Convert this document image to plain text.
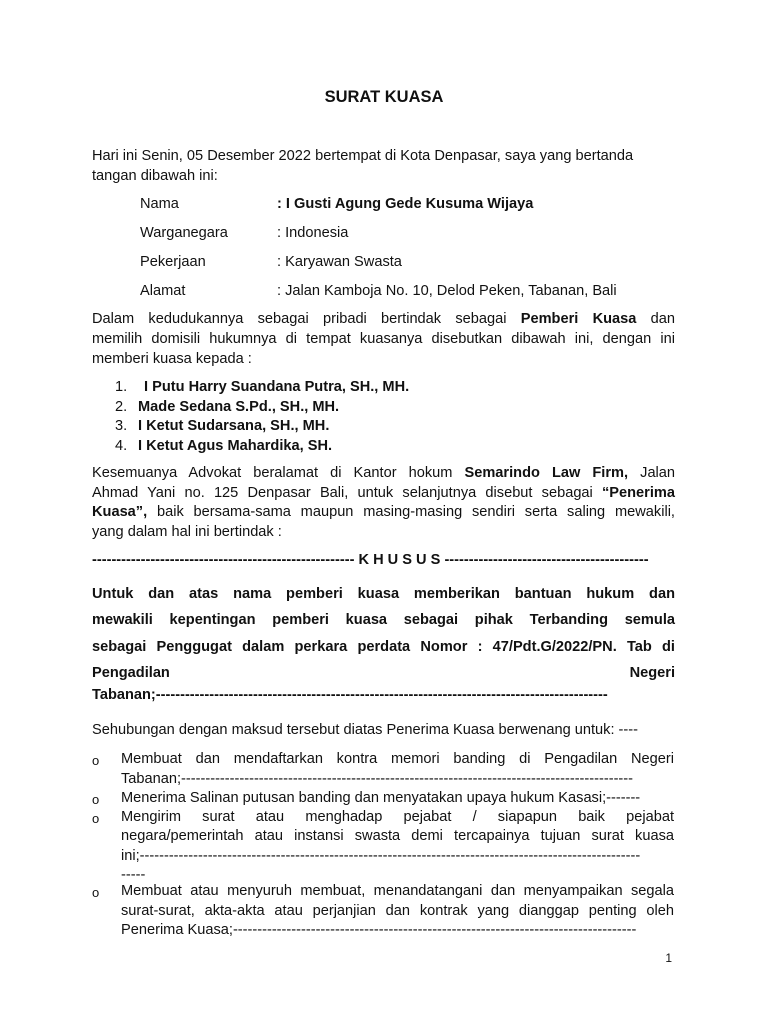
SURAT KUASA
Hari ini Senin, 05 Desember 2022 bertempat di Kota Denpasar, saya yang bertanda
tangan dibawah ini:
Nama	: I Gusti Agung Gede Kusuma Wijaya
Warganegara	: Indonesia
Pekerjaan	: Karyawan Swasta
Alamat	: Jalan Kamboja No. 10, Delod Peken, Tabanan, Bali
Dalam kedudukannya sebagai pribadi bertindak sebagai Pemberi Kuasa dan
memilih domisili hukumnya di tempat kuasanya disebutkan dibawah ini, dengan ini
memberi kuasa kepada :
1. I Putu Harry Suandana Putra, SH., MH.
2. Made Sedana S.Pd., SH., MH.
3. I Ketut Sudarsana, SH., MH.
4. I Ketut Agus Mahardika, SH.
Kesemuanya Advokat beralamat di Kantor hokum Semarindo Law Firm, Jalan
Ahmad Yani no. 125 Denpasar Bali, untuk selanjutnya disebut sebagai “Penerima
Kuasa”, baik bersama-sama maupun masing-masing sendiri serta saling mewakili,
yang dalam hal ini bertindak :
------------------------------------------------------ K H U S U S ------------------------------------------
Untuk dan atas nama pemberi kuasa memberikan bantuan hukum dan
mewakili kepentingan pemberi kuasa sebagai pihak Terbanding semula
sebagai Penggugat dalam perkara perdata Nomor : 47/Pdt.G/2022/PN. Tab di
Pengadilan Negeri
Tabanan;---------------------------------------------------------------------------------------------
Sehubungan dengan maksud tersebut diatas Penerima Kuasa berwenang untuk: ----
o Membuat dan mendaftarkan kontra memori banding di Pengadilan Negeri
Tabanan;---------------------------------------------------------------------------------------------
o Menerima Salinan putusan banding dan menyatakan upaya hukum Kasasi;-------
o Mengirim surat atau menghadap pejabat / siapapun baik pejabat
negara/pemerintah atau instansi swasta demi tercapainya tujuan surat kuasa
ini;-------------------------------------------------------------------------------------------------------
-----
o Membuat atau menyuruh membuat, menandatangani dan menyampaikan segala
surat-surat, akta-akta atau perjanjian dan kontrak yang dianggap penting oleh
Penerima Kuasa;-----------------------------------------------------------------------------------
1
